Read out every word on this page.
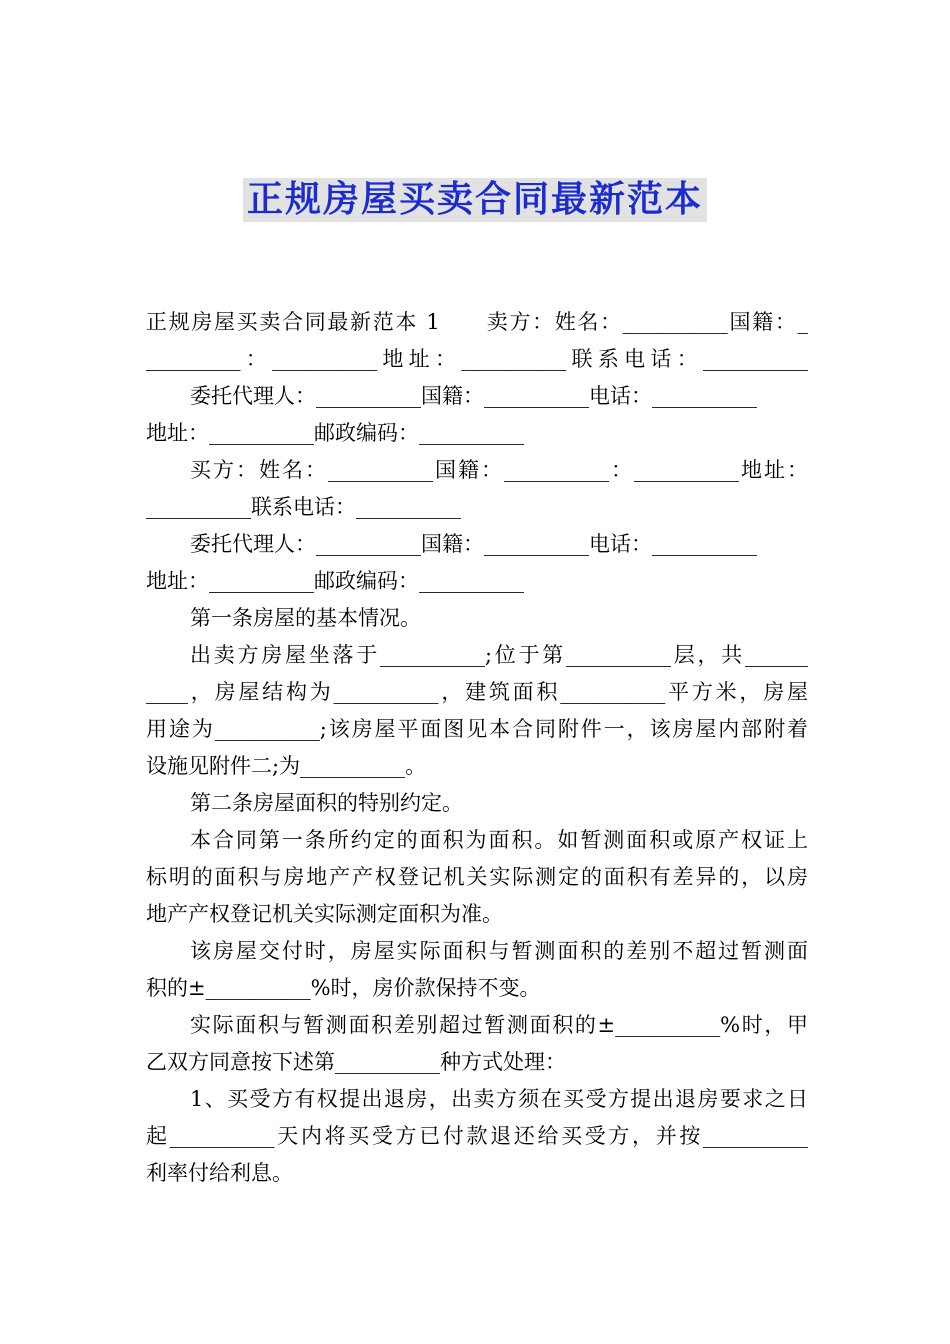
正规房屋买卖合同最新范本
正规房屋买卖合同最新范本 1　　卖方：姓名：__________国籍：_
_________：__________地址：__________联系电话：__________
委托代理人：__________国籍：__________电话：__________
地址：__________邮政编码：__________
买方：姓名：__________国籍：__________：__________地址：
__________联系电话：__________
委托代理人：__________国籍：__________电话：__________
地址：__________邮政编码：__________
第一条房屋的基本情况。
出卖方房屋坐落于__________;位于第__________层，共______
____，房屋结构为__________，建筑面积__________平方米，房屋
用途为__________;该房屋平面图见本合同附件一，该房屋内部附着
设施见附件二;为__________。
第二条房屋面积的特别约定。
本合同第一条所约定的面积为面积。如暂测面积或原产权证上
标明的面积与房地产产权登记机关实际测定的面积有差异的，以房
地产产权登记机关实际测定面积为准。
该房屋交付时，房屋实际面积与暂测面积的差别不超过暂测面
积的±__________%时，房价款保持不变。
实际面积与暂测面积差别超过暂测面积的±__________%时，甲
乙双方同意按下述第__________种方式处理：
1、买受方有权提出退房，出卖方须在买受方提出退房要求之日
起__________天内将买受方已付款退还给买受方，并按__________
利率付给利息。
